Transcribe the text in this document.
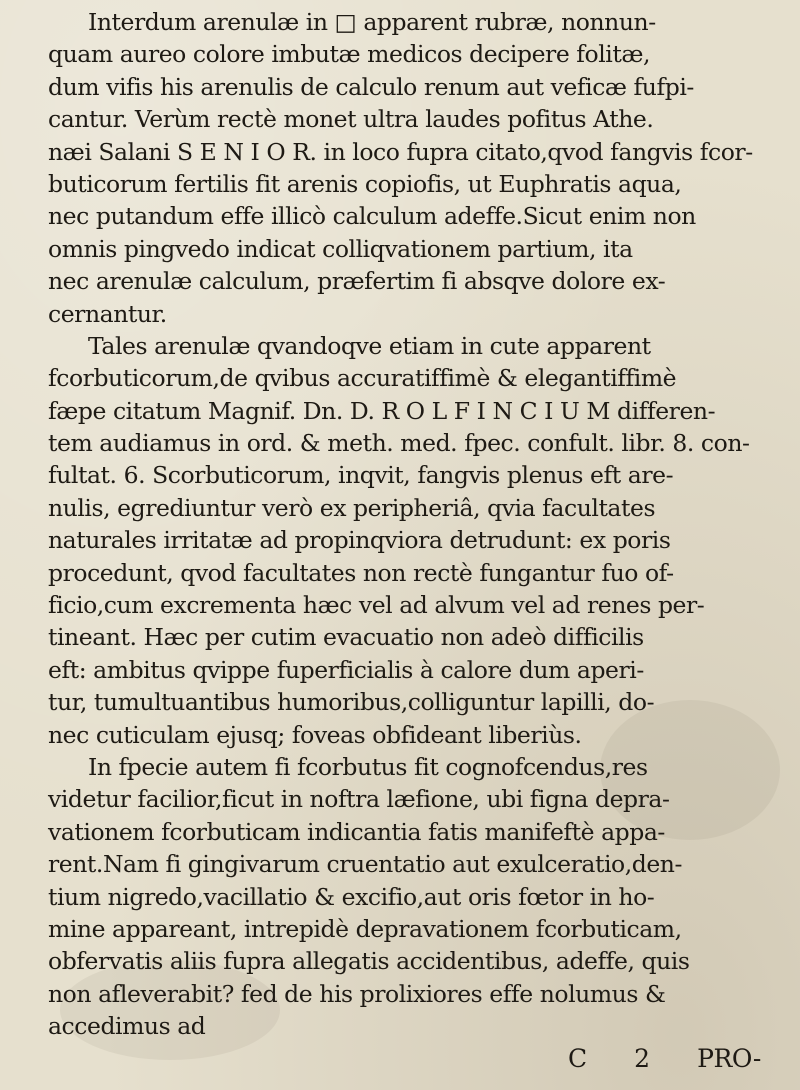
Interdum arenulæ in □ apparent rubræ, nonnun-
quam aureo colore imbutæ medicos decipere folitæ,
dum vifis his arenulis de calculo renum aut veficæ fufpi-
cantur. Verùm rectè monet ultra laudes pofitus Athe.
næi Salani S E N I O R. in loco fupra citato,qvod fangvis fcor-
buticorum fertilis fit arenis copiofis, ut Euphratis aqua,
nec putandum effe illicò calculum adeffe.Sicut enim non
omnis pingvedo indicat colliqvationem partium, ita
nec arenulæ calculum, præfertim fi absqve dolore ex-
cernantur.
Tales arenulæ qvandoqve etiam in cute apparent
fcorbuticorum,de qvibus accuratiffimè & elegantiffimè
fæpe citatum Magnif. Dn. D. R O L F I N C I U M differen-
tem audiamus in ord. & meth. med. fpec. confult. libr. 8. con-
fultat. 6. Scorbuticorum, inqvit, fangvis plenus eft are-
nulis, egrediuntur verò ex peripheriâ, qvia facultates
naturales irritatæ ad propinqviora detrudunt: ex poris
procedunt, qvod facultates non rectè fungantur fuo of-
ficio,cum excrementa hæc vel ad alvum vel ad renes per-
tineant. Hæc per cutim evacuatio non adeò difficilis
eft: ambitus qvippe fuperficialis à calore dum aperi-
tur, tumultuantibus humoribus,colliguntur lapilli, do-
nec cuticulam ejusq; foveas obfideant liberiùs.
In fpecie autem fi fcorbutus fit cognofcendus,res
videtur facilior,ficut in noftra læfione, ubi figna depra-
vationem fcorbuticam indicantia fatis manifeftè appa-
rent.Nam fi gingivarum cruentatio aut exulceratio,den-
tium nigredo,vacillatio & excifio,aut oris fœtor in ho-
mine appareant, intrepidè depravationem fcorbuticam,
obfervatis aliis fupra allegatis accidentibus, adeffe, quis
non afleverabit? fed de his prolixiores effe nolumus &
accedimus ad
C 2 PRO-
